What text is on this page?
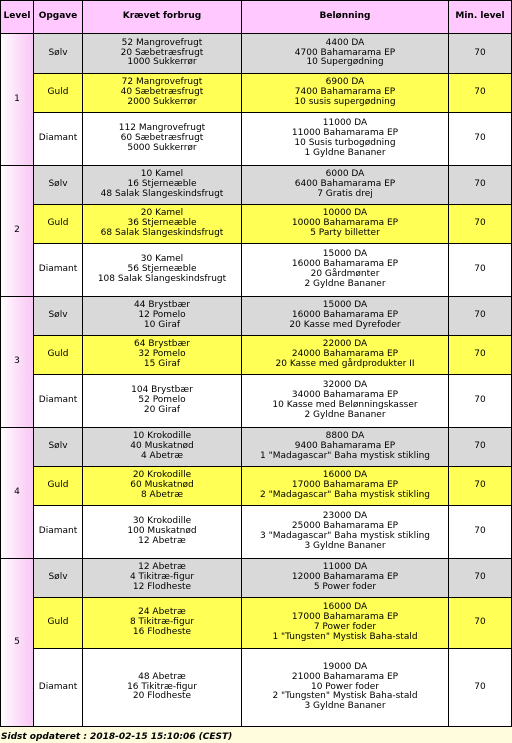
Level	Opgave	Krævet forbrug	Belønning	Min. level
1	Sølv	52 Mangrovefrugt
20 Sæbetræsfrugt
1000 Sukkerrør	4400 DA
4700 Bahamarama EP
10 Supergødning	70
	Guld	72 Mangrovefrugt
40 Sæbetræsfrugt
2000 Sukkerrør	6900 DA
7400 Bahamarama EP
10 susis supergødning	70
	Diamant	112 Mangrovefrugt
60 Sæbetræsfrugt
5000 Sukkerrør	11000 DA
11000 Bahamarama EP
10 Susis turbogødning
1 Gyldne Bananer	70
2	Sølv	10 Kamel
16 Stjerneæble
48 Salak Slangeskindsfrugt	6000 DA
6400 Bahamarama EP
7 Gratis drej	70
	Guld	20 Kamel
36 Stjerneæble
68 Salak Slangeskindsfrugt	10000 DA
10000 Bahamarama EP
5 Party billetter	70
	Diamant	30 Kamel
56 Stjerneæble
108 Salak Slangeskindsfrugt	15000 DA
16000 Bahamarama EP
20 Gårdmønter
2 Gyldne Bananer	70
3	Sølv	44 Brystbær
12 Pomelo
10 Giraf	15000 DA
16000 Bahamarama EP
20 Kasse med Dyrefoder	70
	Guld	64 Brystbær
32 Pomelo
15 Giraf	22000 DA
24000 Bahamarama EP
20 Kasse med gårdprodukter II	70
	Diamant	104 Brystbær
52 Pomelo
20 Giraf	32000 DA
34000 Bahamarama EP
10 Kasse med Belønningskasser
2 Gyldne Bananer	70
4	Sølv	10 Krokodille
40 Muskatnød
4 Abetræ	8800 DA
9400 Bahamarama EP
1 "Madagascar" Baha mystisk stikling	70
	Guld	20 Krokodille
60 Muskatnød
8 Abetræ	16000 DA
17000 Bahamarama EP
2 "Madagascar" Baha mystisk stikling	70
	Diamant	30 Krokodille
100 Muskatnød
12 Abetræ	23000 DA
25000 Bahamarama EP
3 "Madagascar" Baha mystisk stikling
3 Gyldne Bananer	70
5	Sølv	12 Abetræ
4 Tikitræ-figur
12 Flodheste	11000 DA
12000 Bahamarama EP
5 Power foder	70
	Guld	24 Abetræ
8 Tikitræ-figur
16 Flodheste	16000 DA
17000 Bahamarama EP
7 Power foder
1 "Tungsten" Mystisk Baha-stald	70
	Diamant	48 Abetræ
16 Tikitræ-figur
20 Flodheste	19000 DA
21000 Bahamarama EP
10 Power foder
2 "Tungsten" Mystisk Baha-stald
3 Gyldne Bananer	70
Sidst opdateret : 2018-02-15 15:10:06 (CEST)
